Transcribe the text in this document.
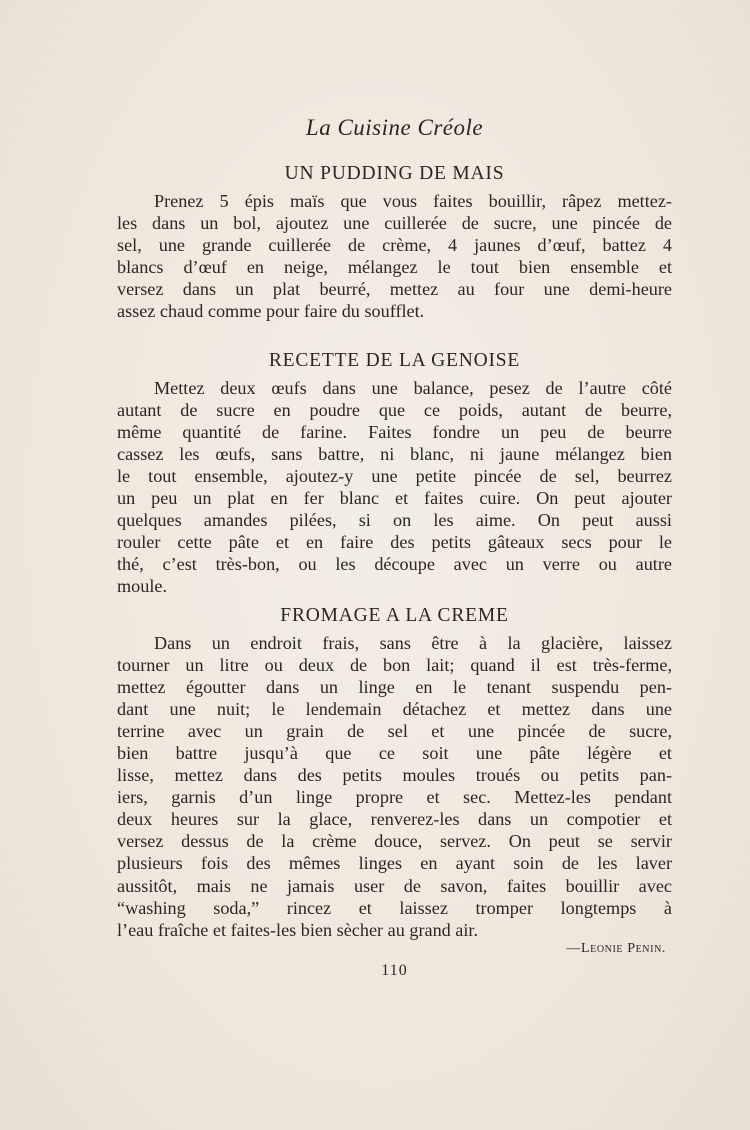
La Cuisine Créole
UN PUDDING DE MAIS
Prenez 5 épis maïs que vous faites bouillir, râpez mettez-
les dans un bol, ajoutez une cuillerée de sucre, une pincée de
sel, une grande cuillerée de crème, 4 jaunes d’œuf, battez 4
blancs d’œuf en neige, mélangez le tout bien ensemble et
versez dans un plat beurré, mettez au four une demi-heure
assez chaud comme pour faire du soufflet.
RECETTE DE LA GENOISE
Mettez deux œufs dans une balance, pesez de l’autre côté
autant de sucre en poudre que ce poids, autant de beurre,
même quantité de farine. Faites fondre un peu de beurre
cassez les œufs, sans battre, ni blanc, ni jaune mélangez bien
le tout ensemble, ajoutez-y une petite pincée de sel, beurrez
un peu un plat en fer blanc et faites cuire. On peut ajouter
quelques amandes pilées, si on les aime. On peut aussi
rouler cette pâte et en faire des petits gâteaux secs pour le
thé, c’est très-bon, ou les découpe avec un verre ou autre
moule.
FROMAGE A LA CREME
Dans un endroit frais, sans être à la glacière, laissez
tourner un litre ou deux de bon lait; quand il est très-ferme,
mettez égoutter dans un linge en le tenant suspendu pen-
dant une nuit; le lendemain détachez et mettez dans une
terrine avec un grain de sel et une pincée de sucre,
bien battre jusqu’à que ce soit une pâte légère et
lisse, mettez dans des petits moules troués ou petits pan-
iers, garnis d’un linge propre et sec. Mettez-les pendant
deux heures sur la glace, renverez-les dans un compotier et
versez dessus de la crème douce, servez. On peut se servir
plusieurs fois des mêmes linges en ayant soin de les laver
aussitôt, mais ne jamais user de savon, faites bouillir avec
“washing soda,” rincez et laissez tromper longtemps à
l’eau fraîche et faites-les bien sècher au grand air.
—Leonie Penin.
110
